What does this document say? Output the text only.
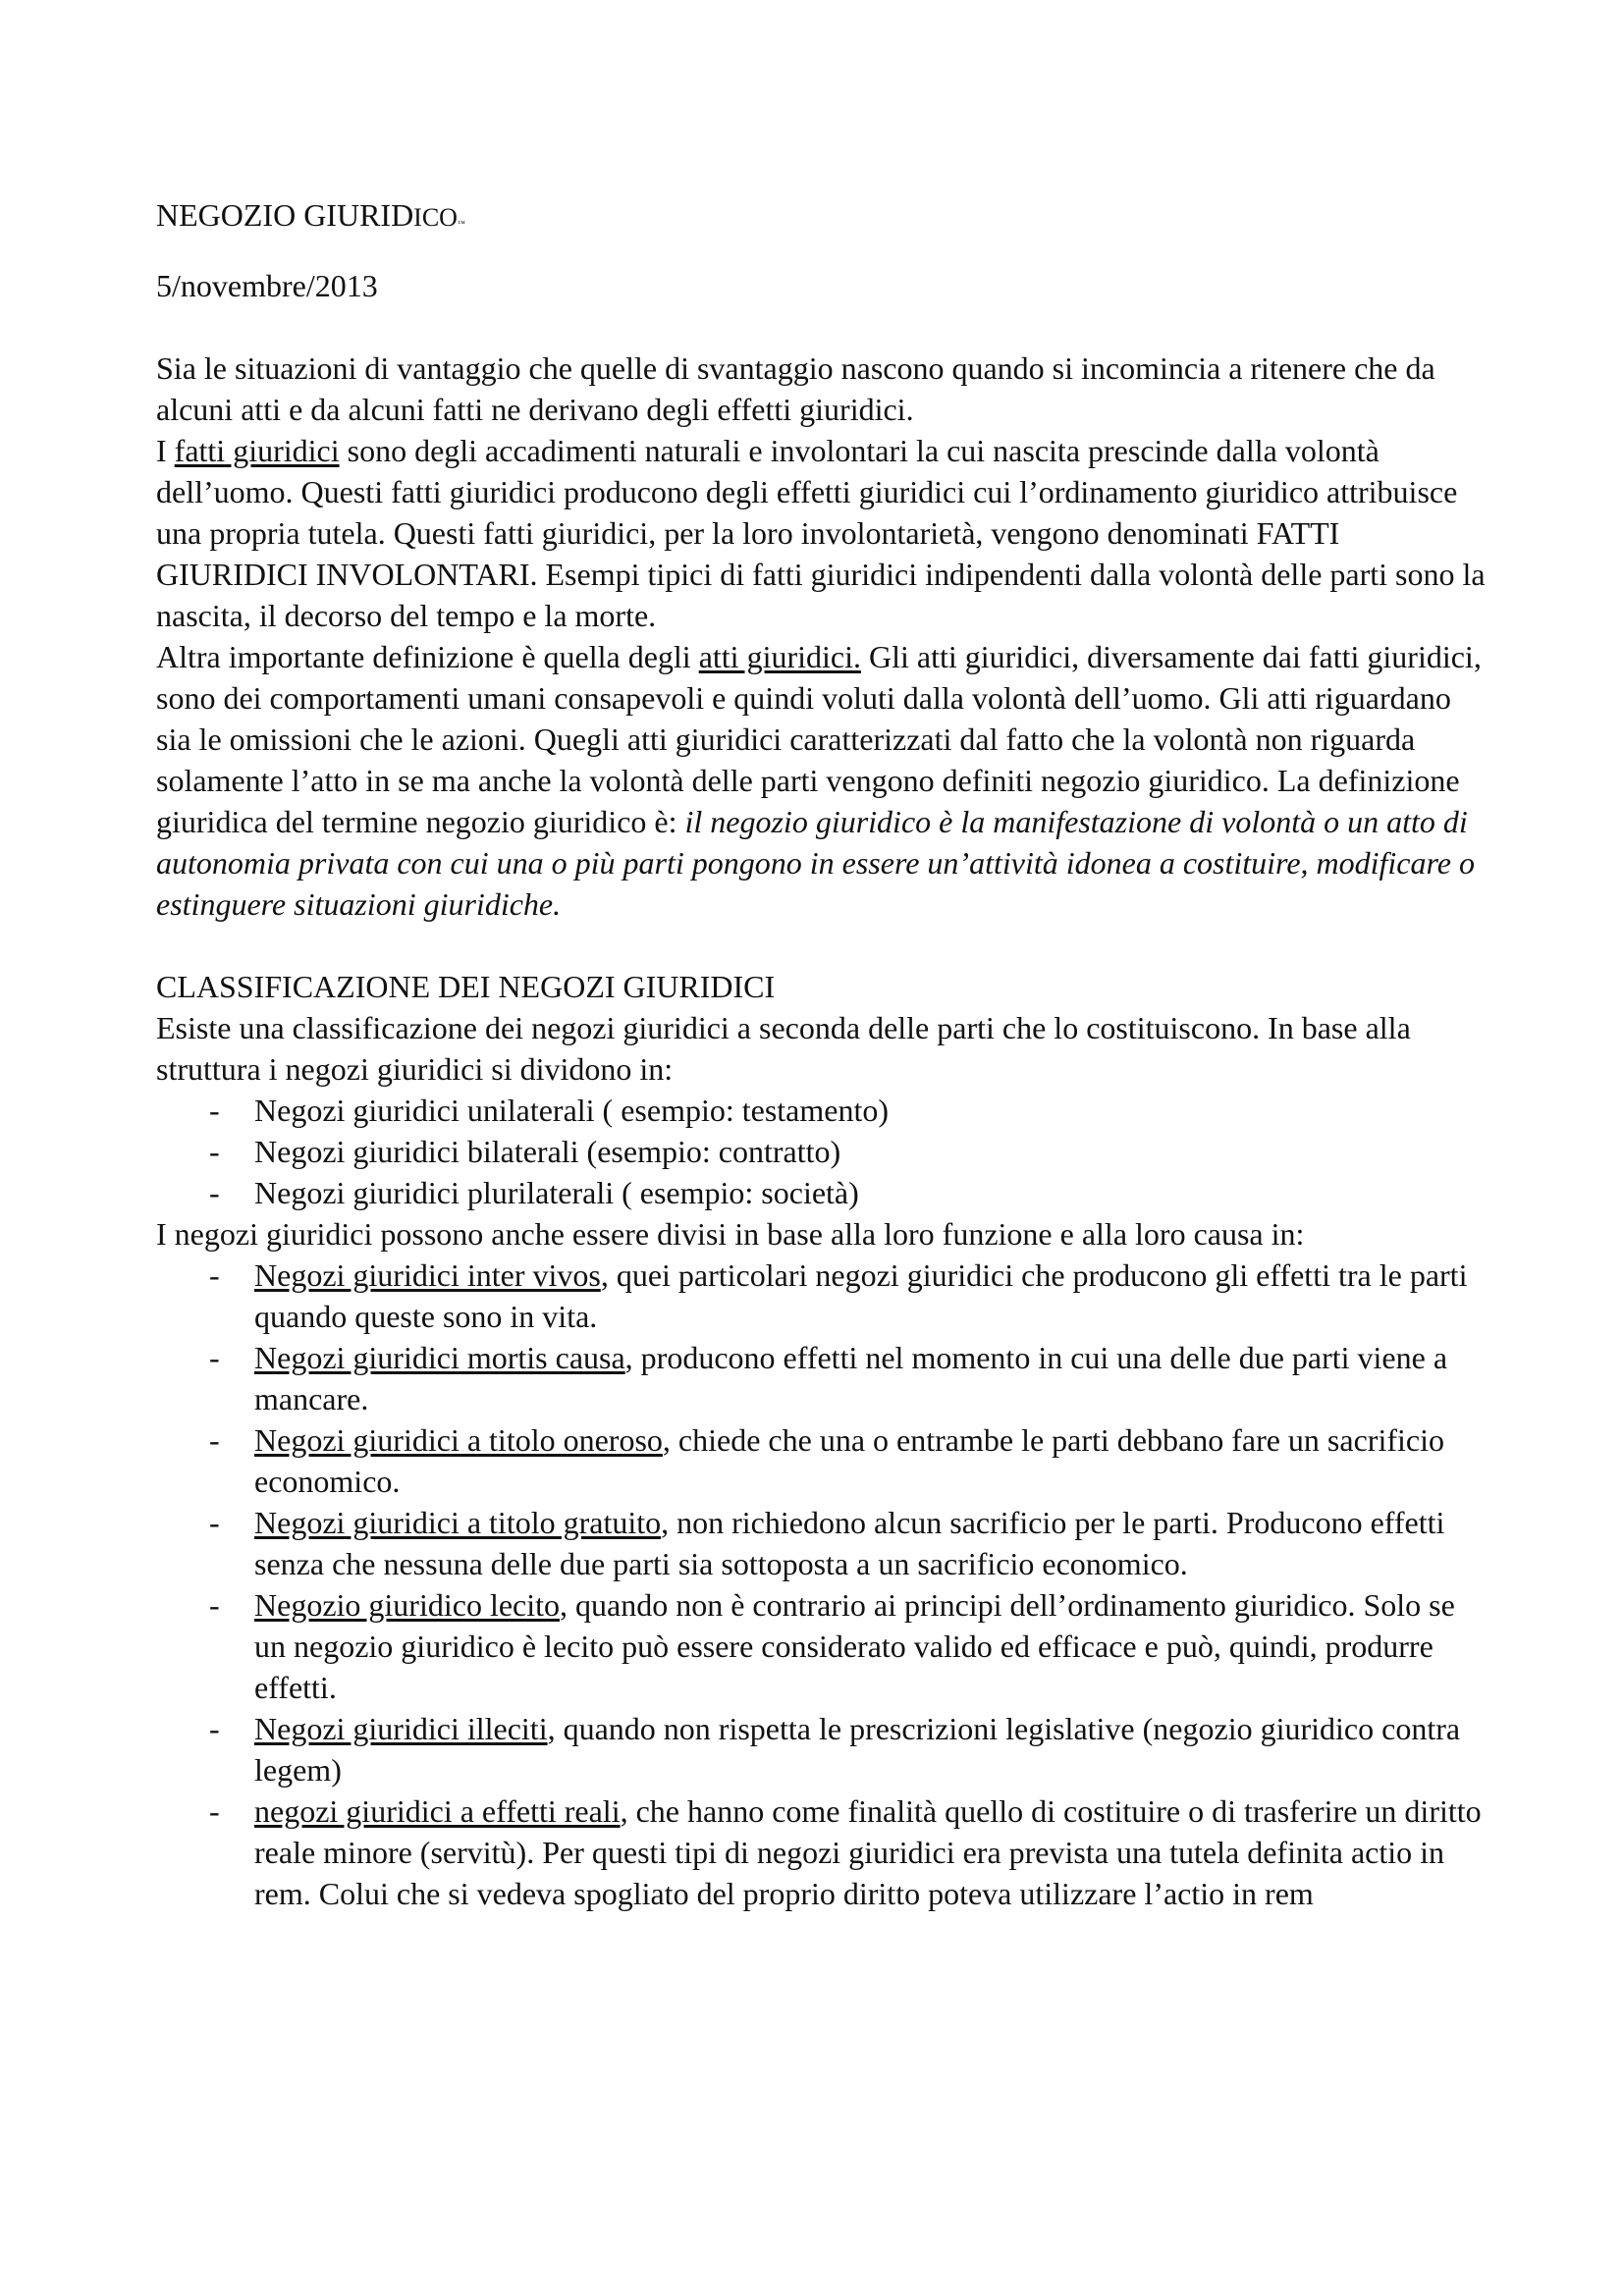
NEGOZIO GIURIDICO™

5/novembre/2013

Sia le situazioni di vantaggio che quelle di svantaggio nascono quando si incomincia a ritenere che da alcuni atti e da alcuni fatti ne derivano degli effetti giuridici.

I fatti giuridici sono degli accadimenti naturali e involontari la cui nascita prescinde dalla volontà dell’uomo. Questi fatti giuridici producono degli effetti giuridici cui l’ordinamento giuridico attribuisce una propria tutela. Questi fatti giuridici, per la loro involontarietà, vengono denominati FATTI GIURIDICI INVOLONTARI. Esempi tipici di fatti giuridici indipendenti dalla volontà delle parti sono la nascita, il decorso del tempo e la morte.

Altra importante definizione è quella degli atti giuridici. Gli atti giuridici, diversamente dai fatti giuridici, sono dei comportamenti umani consapevoli e quindi voluti dalla volontà dell’uomo. Gli atti riguardano sia le omissioni che le azioni. Quegli atti giuridici caratterizzati dal fatto che la volontà non riguarda solamente l’atto in se ma anche la volontà delle parti vengono definiti negozio giuridico. La definizione giuridica del termine negozio giuridico è: il negozio giuridico è la manifestazione di volontà o un atto di autonomia privata con cui una o più parti pongono in essere un’attività idonea a costituire, modificare o estinguere situazioni giuridiche.

CLASSIFICAZIONE DEI NEGOZI GIURIDICI

Esiste una classificazione dei negozi giuridici a seconda delle parti che lo costituiscono. In base alla struttura i negozi giuridici si dividono in:

- Negozi giuridici unilaterali ( esempio: testamento)
- Negozi giuridici bilaterali (esempio: contratto)
- Negozi giuridici plurilaterali ( esempio: società)

I negozi giuridici possono anche essere divisi in base alla loro funzione e alla loro causa in:

- Negozi giuridici inter vivos, quei particolari negozi giuridici che producono gli effetti tra le parti quando queste sono in vita.
- Negozi giuridici mortis causa, producono effetti nel momento in cui una delle due parti viene a mancare.
- Negozi giuridici a titolo oneroso, chiede che una o entrambe le parti debbano fare un sacrificio economico.
- Negozi giuridici a titolo gratuito, non richiedono alcun sacrificio per le parti. Producono effetti senza che nessuna delle due parti sia sottoposta a un sacrificio economico.
- Negozio giuridico lecito, quando non è contrario ai principi dell’ordinamento giuridico. Solo se un negozio giuridico è lecito può essere considerato valido ed efficace e può, quindi, produrre effetti.
- Negozi giuridici illeciti, quando non rispetta le prescrizioni legislative (negozio giuridico contra legem)
- negozi giuridici a effetti reali, che hanno come finalità quello di costituire o di trasferire un diritto reale minore (servitù). Per questi tipi di negozi giuridici era prevista una tutela definita actio in rem. Colui che si vedeva spogliato del proprio diritto poteva utilizzare l’actio in rem
